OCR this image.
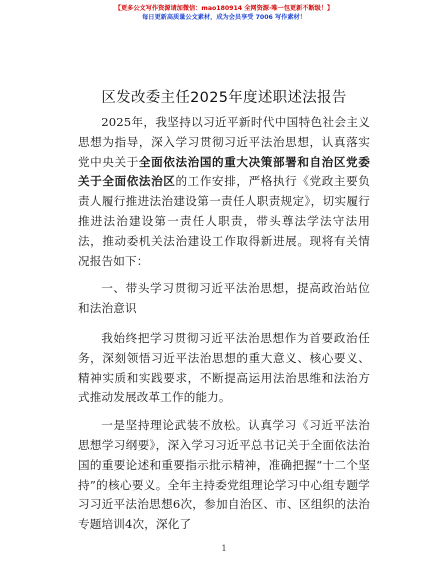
【更多公文写作资源请加微信：mao180914 全网资源·唯一包更新不断级！】
每日更新高质量公文素材，成为会员享受 7006 写作素材！
区发改委主任2025年度述职述法报告

2025年，我坚持以习近平新时代中国特色社会主义思想为指导，深入学习贯彻习近平法治思想，认真落实党中央关于全面依法治国的重大决策部署和自治区党委关于全面依法治区的工作安排，严格执行《党政主要负责人履行推进法治建设第一责任人职责规定》，切实履行推进法治建设第一责任人职责，带头尊法学法守法用法，推动委机关法治建设工作取得新进展。现将有关情况报告如下：

一、带头学习贯彻习近平法治思想，提高政治站位和法治意识

我始终把学习贯彻习近平法治思想作为首要政治任务，深刻领悟习近平法治思想的重大意义、核心要义、精神实质和实践要求，不断提高运用法治思维和法治方式推动发展改革工作的能力。

一是坚持理论武装不放松。认真学习《习近平法治思想学习纲要》，深入学习习近平总书记关于全面依法治国的重要论述和重要指示批示精神，准确把握“十二个坚持”的核心要义。全年主持委党组理论学习中心组专题学习习近平法治思想6次，参加自治区、市、区组织的法治专题培训4次，深化了

1
